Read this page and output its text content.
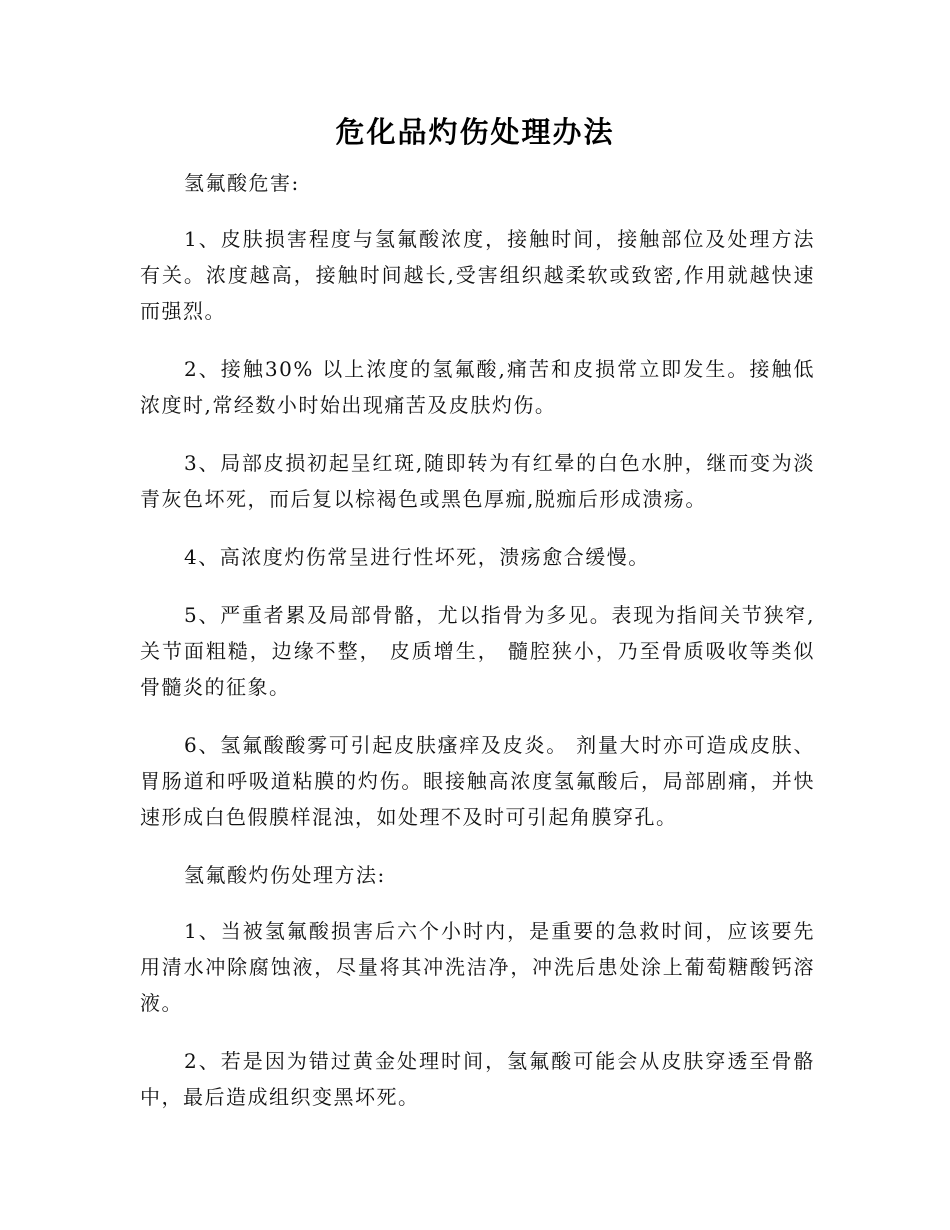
危化品灼伤处理办法

氢氟酸危害:

1、皮肤损害程度与氢氟酸浓度，接触时间，接触部位及处理方法有关。浓度越高，接触时间越长,受害组织越柔软或致密,作用就越快速而强烈。

2、接触30% 以上浓度的氢氟酸,痛苦和皮损常立即发生。接触低浓度时,常经数小时始出现痛苦及皮肤灼伤。

3、局部皮损初起呈红斑,随即转为有红晕的白色水肿，继而变为淡青灰色坏死，而后复以棕褐色或黑色厚痂,脱痂后形成溃疡。

4、高浓度灼伤常呈进行性坏死，溃疡愈合缓慢。

5、严重者累及局部骨骼，尤以指骨为多见。表现为指间关节狭窄,关节面粗糙，边缘不整， 皮质增生， 髓腔狭小，乃至骨质吸收等类似骨髓炎的征象。

6、氢氟酸酸雾可引起皮肤瘙痒及皮炎。 剂量大时亦可造成皮肤、 胃肠道和呼吸道粘膜的灼伤。眼接触高浓度氢氟酸后，局部剧痛，并快速形成白色假膜样混浊，如处理不及时可引起角膜穿孔。

氢氟酸灼伤处理方法:

1、当被氢氟酸损害后六个小时内，是重要的急救时间，应该要先用清水冲除腐蚀液，尽量将其冲洗洁净，冲洗后患处涂上葡萄糖酸钙溶液。

2、若是因为错过黄金处理时间，氢氟酸可能会从皮肤穿透至骨骼中，最后造成组织变黑坏死。
